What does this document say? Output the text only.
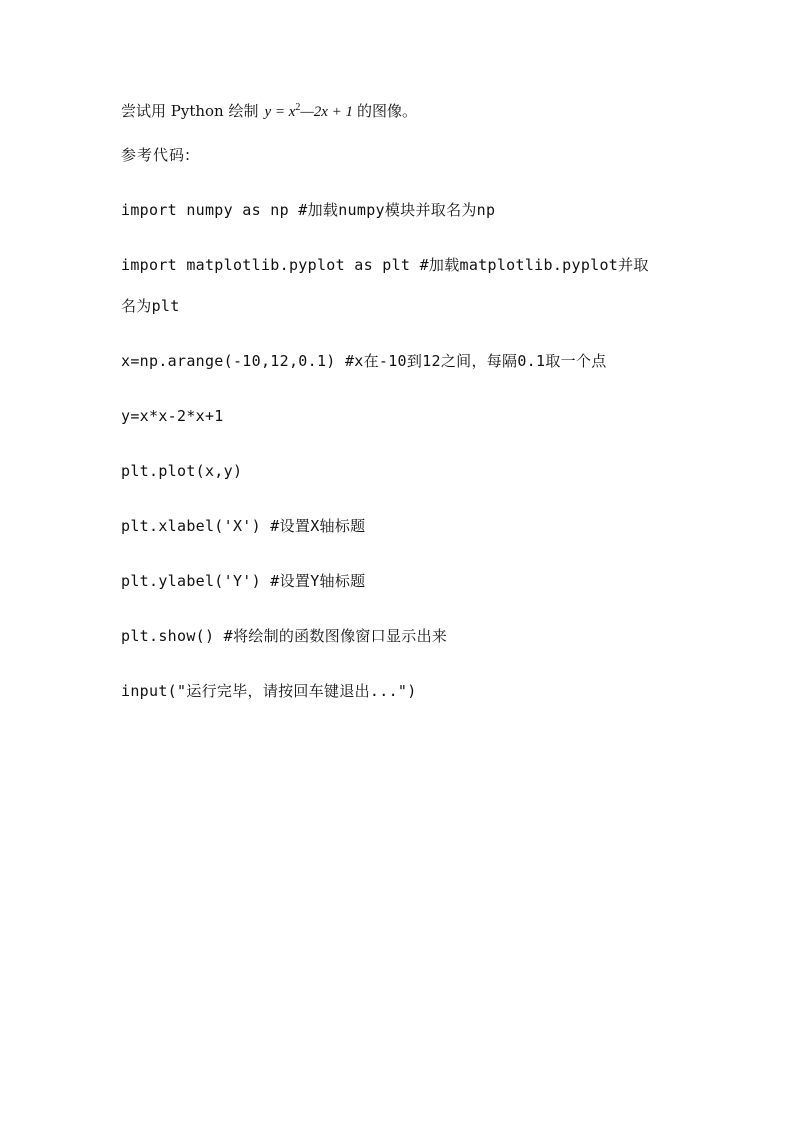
尝试用 Python 绘制 $y = x^2—2x + 1$ 的图像。
参考代码:
import numpy as np #加载numpy模块并取名为np
import matplotlib.pyplot as plt #加载matplotlib.pyplot并取
名为plt
x=np.arange(-10,12,0.1) #x在-10到12之间，每隔0.1取一个点
y=x*x-2*x+1
plt.plot(x,y)
plt.xlabel('X') #设置X轴标题
plt.ylabel('Y') #设置Y轴标题
plt.show() #将绘制的函数图像窗口显示出来
input("运行完毕，请按回车键退出...")
